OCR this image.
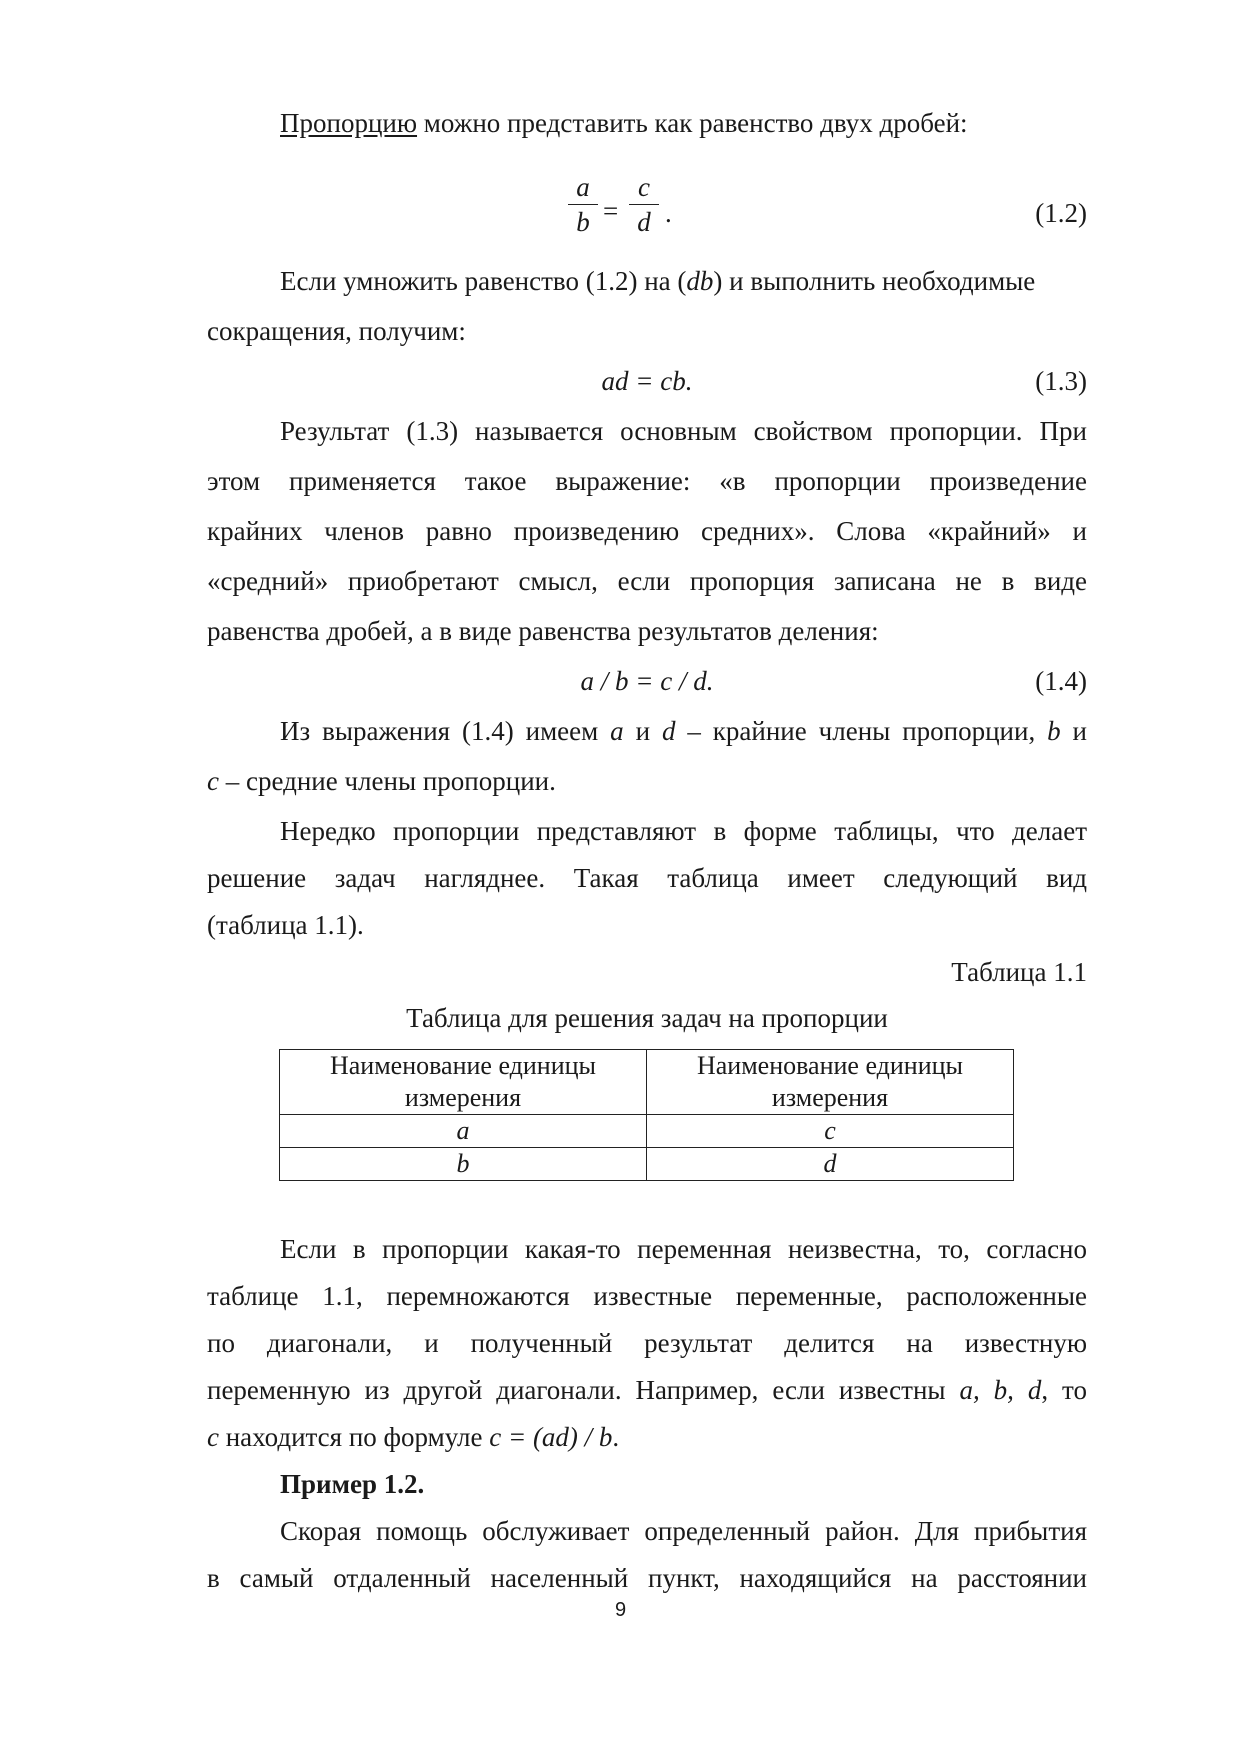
Пропорцию можно представить как равенство двух дробей:
a
b =
c
d .	(1.2)
Если умножить равенство (1.2) на (db) и выполнить необходимые
сокращения, получим:
ad = cb.	(1.3)
Результат (1.3) называется основным свойством пропорции. При
этом применяется такое выражение: «в пропорции произведение
крайних членов равно произведению средних». Слова «крайний» и
«средний» приобретают смысл, если пропорция записана не в виде
равенства дробей, а в виде равенства результатов деления:
a / b = c / d.	(1.4)
Из выражения (1.4) имеем a и d – крайние члены пропорции, b и
c – средние члены пропорции.
Нередко пропорции представляют в форме таблицы, что делает
решение задач нагляднее. Такая таблица имеет следующий вид
(таблица 1.1).
Таблица 1.1
Таблица для решения задач на пропорции
Наименование единицы измерения	Наименование единицы измерения
a	c
b	d
Если в пропорции какая-то переменная неизвестна, то, согласно
таблице 1.1, перемножаются известные переменные, расположенные
по диагонали, и полученный результат делится на известную
переменную из другой диагонали. Например, если известны a, b, d, то
c находится по формуле c = (ad) / b.
Пример 1.2.
Скорая помощь обслуживает определенный район. Для прибытия
в самый отдаленный населенный пункт, находящийся на расстоянии
9
